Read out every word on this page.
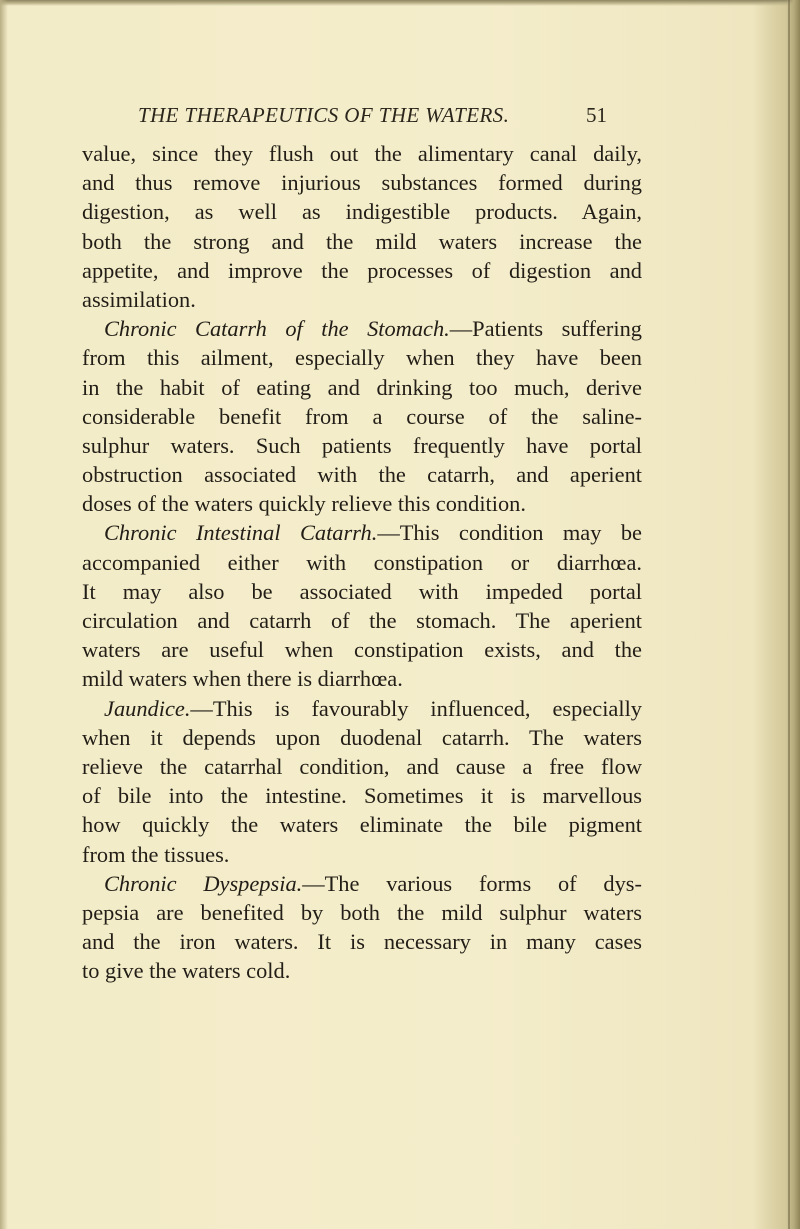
THE THERAPEUTICS OF THE WATERS.	51
value, since they flush out the alimentary canal daily,
and thus remove injurious substances formed during
digestion, as well as indigestible products. Again,
both the strong and the mild waters increase the
appetite, and improve the processes of digestion and
assimilation.
Chronic Catarrh of the Stomach.—Patients suffering
from this ailment, especially when they have been
in the habit of eating and drinking too much, derive
considerable benefit from a course of the saline-
sulphur waters. Such patients frequently have portal
obstruction associated with the catarrh, and aperient
doses of the waters quickly relieve this condition.
Chronic Intestinal Catarrh.—This condition may be
accompanied either with constipation or diarrhœa.
It may also be associated with impeded portal
circulation and catarrh of the stomach. The aperient
waters are useful when constipation exists, and the
mild waters when there is diarrhœa.
Jaundice.—This is favourably influenced, especially
when it depends upon duodenal catarrh. The waters
relieve the catarrhal condition, and cause a free flow
of bile into the intestine. Sometimes it is marvellous
how quickly the waters eliminate the bile pigment
from the tissues.
Chronic Dyspepsia.—The various forms of dys-
pepsia are benefited by both the mild sulphur waters
and the iron waters. It is necessary in many cases
to give the waters cold.
